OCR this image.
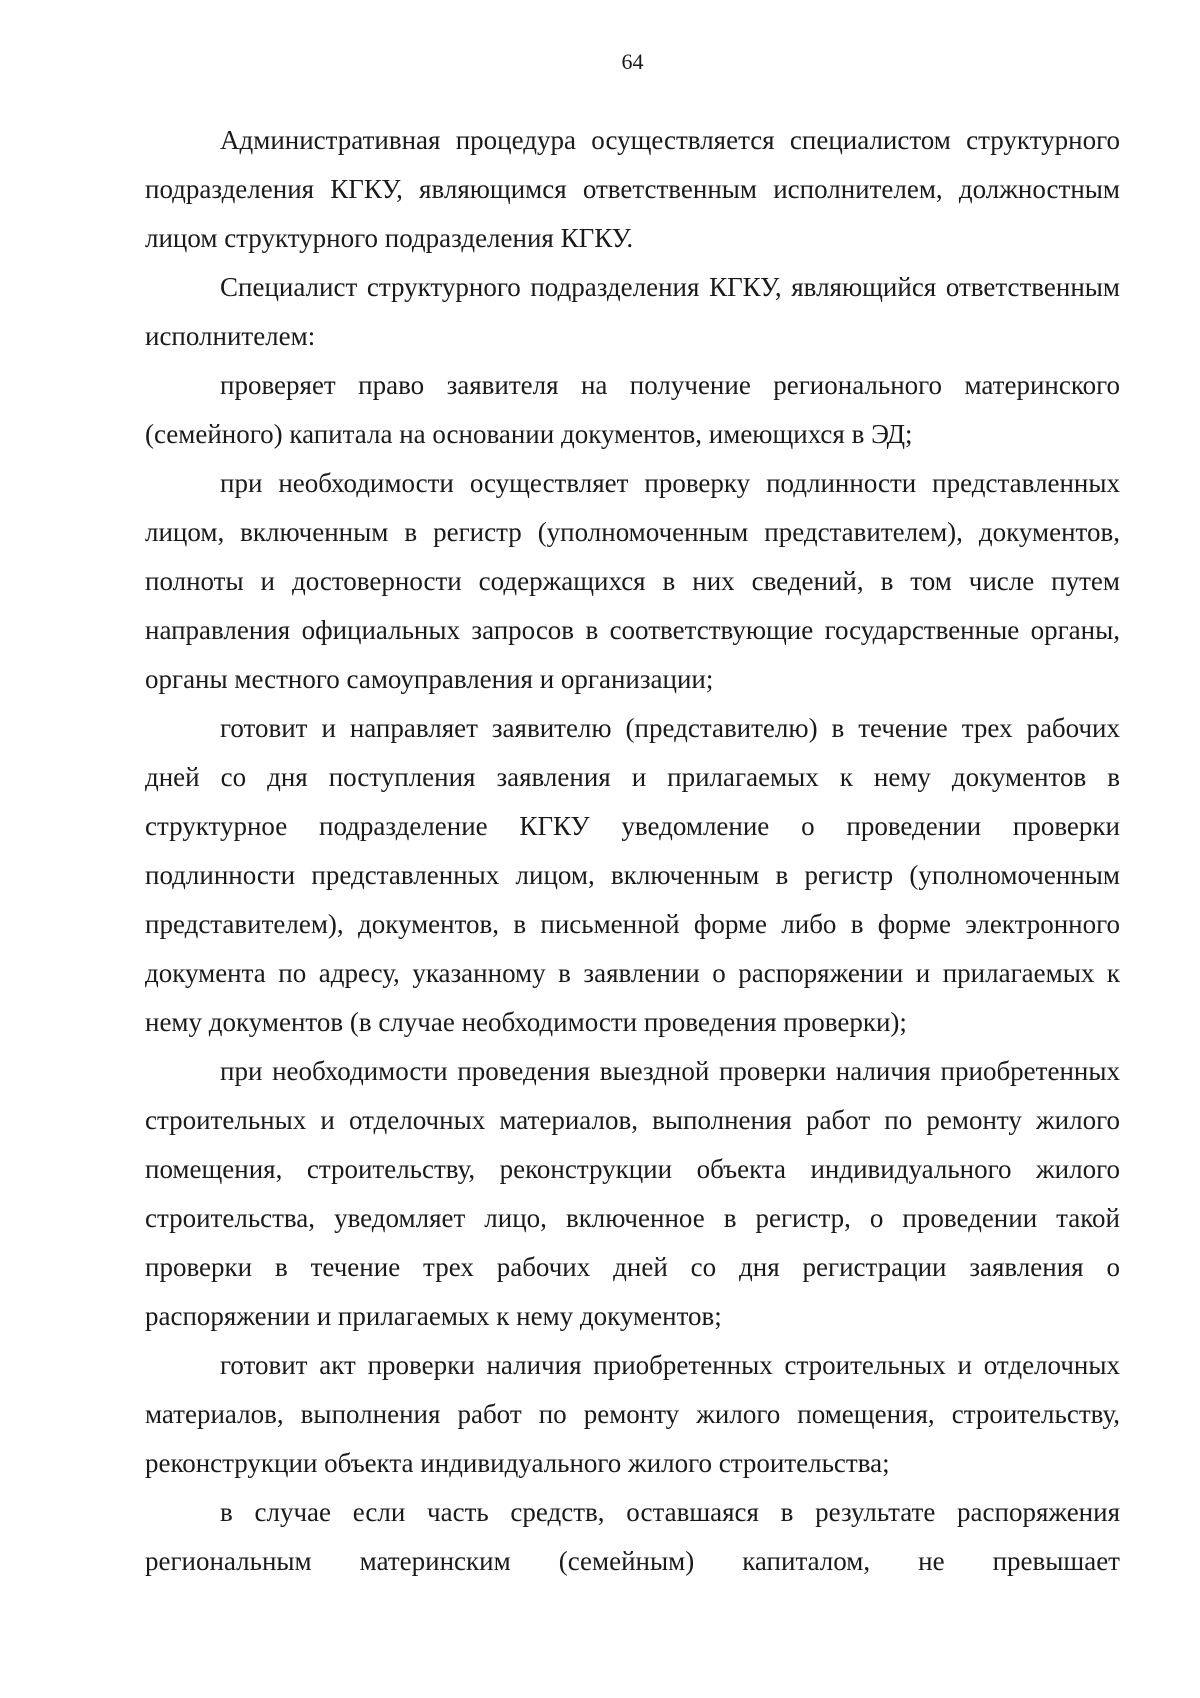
64

Административная процедура осуществляется специалистом структурного подразделения КГКУ, являющимся ответственным исполнителем, должностным лицом структурного подразделения КГКУ.

Специалист структурного подразделения КГКУ, являющийся ответственным исполнителем:

проверяет право заявителя на получение регионального материнского (семейного) капитала на основании документов, имеющихся в ЭД;

при необходимости осуществляет проверку подлинности представленных лицом, включенным в регистр (уполномоченным представителем), документов, полноты и достоверности содержащихся в них сведений, в том числе путем направления официальных запросов в соответствующие государственные органы, органы местного самоуправления и организации;

готовит и направляет заявителю (представителю) в течение трех рабочих дней со дня поступления заявления и прилагаемых к нему документов в структурное подразделение КГКУ уведомление о проведении проверки подлинности представленных лицом, включенным в регистр (уполномоченным представителем), документов, в письменной форме либо в форме электронного документа по адресу, указанному в заявлении о распоряжении и прилагаемых к нему документов (в случае необходимости проведения проверки);

при необходимости проведения выездной проверки наличия приобретенных строительных и отделочных материалов, выполнения работ по ремонту жилого помещения, строительству, реконструкции объекта индивидуального жилого строительства, уведомляет лицо, включенное в регистр, о проведении такой проверки в течение трех рабочих дней со дня регистрации заявления о распоряжении и прилагаемых к нему документов;

готовит акт проверки наличия приобретенных строительных и отделочных материалов, выполнения работ по ремонту жилого помещения, строительству, реконструкции объекта индивидуального жилого строительства;

в случае если часть средств, оставшаяся в результате распоряжения региональным материнским (семейным) капиталом, не превышает
